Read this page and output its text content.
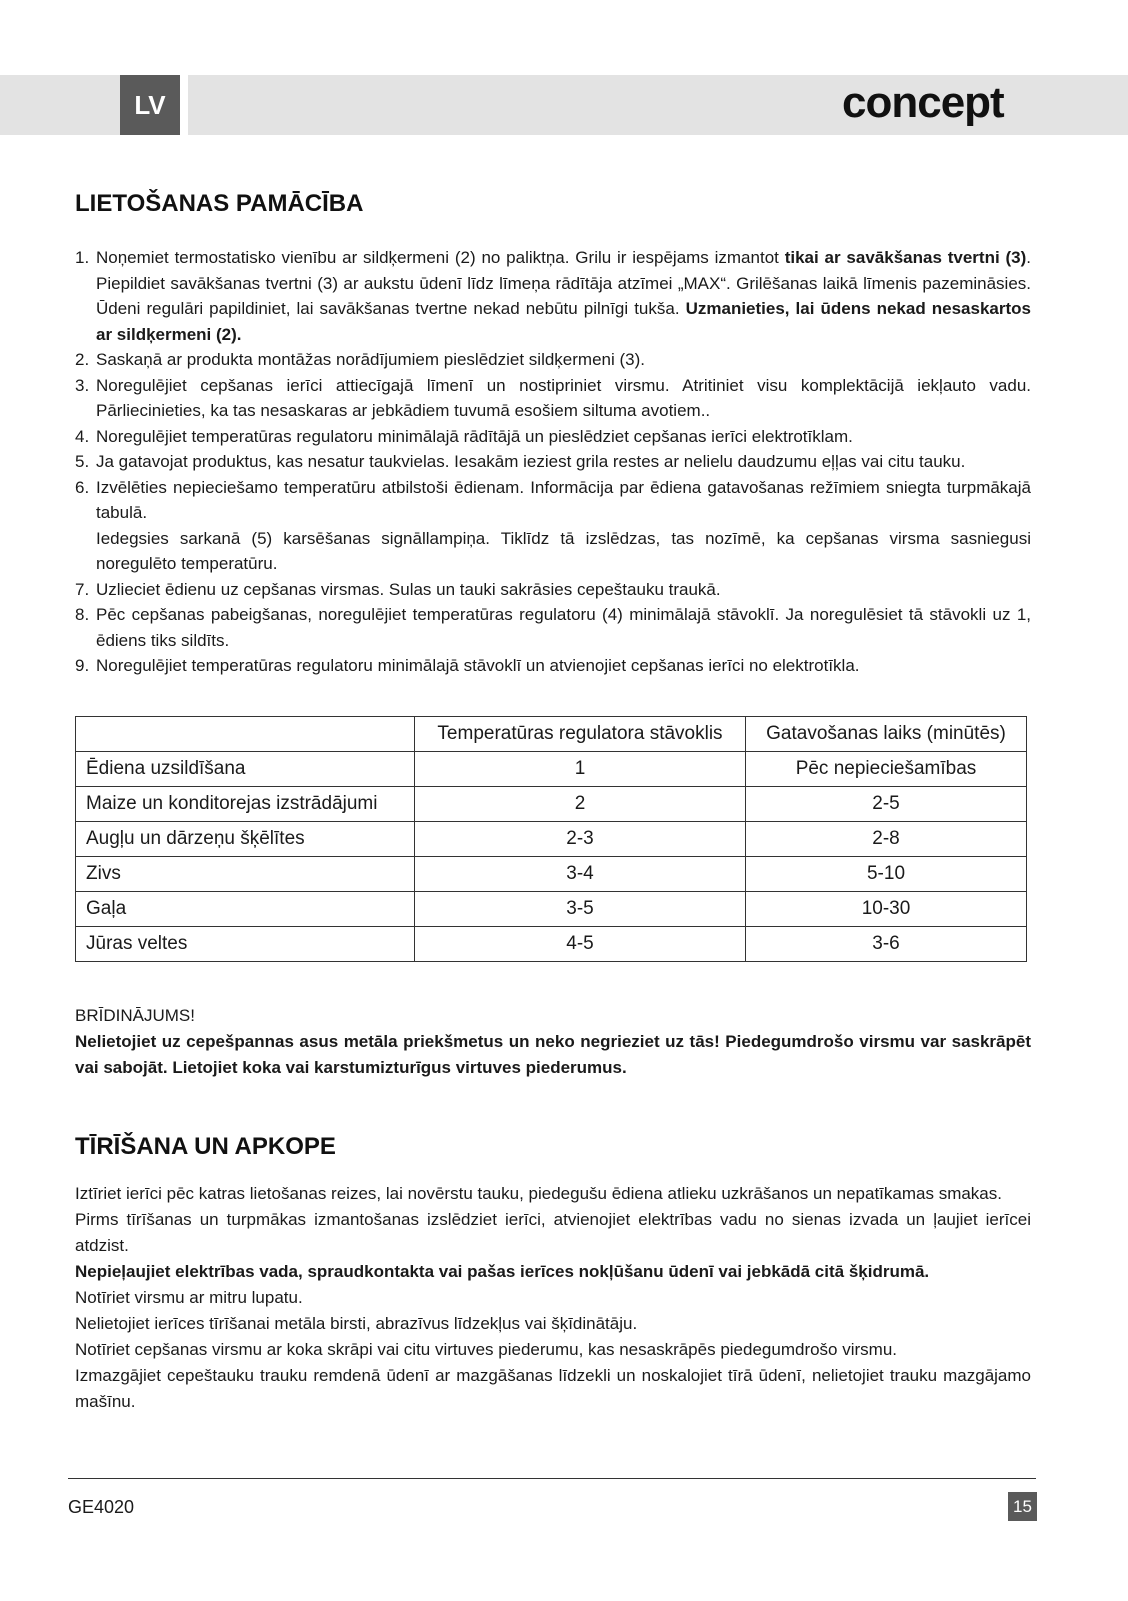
LV	concept
LIETOŠANAS PAMĀCĪBA
1. Noņemiet termostatisko vienību ar sildķermeni (2) no paliktņa. Grilu ir iespējams izmantot tikai ar savākšanas tvertni (3). Piepildiet savākšanas tvertni (3) ar aukstu ūdenī līdz līmeņa rādītāja atzīmei „MAX“. Grilēšanas laikā līmenis pazemināsies. Ūdeni regulāri papildiniet, lai savākšanas tvertne nekad nebūtu pilnīgi tukša. Uzmanieties, lai ūdens nekad nesaskartos ar sildķermeni (2).
2. Saskaņā ar produkta montāžas norādījumiem pieslēdziet sildķermeni (3).
3. Noregulējiet cepšanas ierīci attiecīgajā līmenī un nostipriniet virsmu. Atritiniet visu komplektācijā iekļauto vadu. Pārliecinieties, ka tas nesaskaras ar jebkādiem tuvumā esošiem siltuma avotiem..
4. Noregulējiet temperatūras regulatoru minimālajā rādītājā un pieslēdziet cepšanas ierīci elektrotīklam.
5. Ja gatavojat produktus, kas nesatur taukvielas. Iesakām ieziest grila restes ar nelielu daudzumu eļļas vai citu tauku.
6. Izvēlēties nepieciešamo temperatūru atbilstoši ēdienam. Informācija par ēdiena gatavošanas režīmiem sniegta turpmākajā tabulā.
Iedegsies sarkanā (5) karsēšanas signāllampiņa. Tiklīdz tā izslēdzas, tas nozīmē, ka cepšanas virsma sasniegusi noregulēto temperatūru.
7. Uzlieciet ēdienu uz cepšanas virsmas. Sulas un tauki sakrāsies cepeštauku traukā.
8. Pēc cepšanas pabeigšanas, noregulējiet temperatūras regulatoru (4) minimālajā stāvoklī. Ja noregulēsiet tā stāvokli uz 1, ēdiens tiks sildīts.
9. Noregulējiet temperatūras regulatoru minimālajā stāvoklī un atvienojiet cepšanas ierīci no elektrotīkla.
	Temperatūras regulatora stāvoklis	Gatavošanas laiks (minūtēs)
Ēdiena uzsildīšana	1	Pēc nepieciešamības
Maize un konditorejas izstrādājumi	2	2-5
Augļu un dārzeņu šķēlītes	2-3	2-8
Zivs	3-4	5-10
Gaļa	3-5	10-30
Jūras veltes	4-5	3-6
BRĪDINĀJUMS!
Nelietojiet uz cepešpannas asus metāla priekšmetus un neko negrieziet uz tās! Piedegumdrošo virsmu var saskrāpēt vai sabojāt. Lietojiet koka vai karstumizturīgus virtuves piederumus.
TĪRĪŠANA UN APKOPE

Iztīriet ierīci pēc katras lietošanas reizes, lai novērstu tauku, piedegušu ēdiena atlieku uzkrāšanos un nepatīkamas smakas.

Pirms tīrīšanas un turpmākas izmantošanas izslēdziet ierīci, atvienojiet elektrības vadu no sienas izvada un ļaujiet ierīcei atdzist.

Nepieļaujiet elektrības vada, spraudkontakta vai pašas ierīces nokļūšanu ūdenī vai jebkādā citā šķidrumā.

Notīriet virsmu ar mitru lupatu.

Nelietojiet ierīces tīrīšanai metāla birsti, abrazīvus līdzekļus vai šķīdinātāju.

Notīriet cepšanas virsmu ar koka skrāpi vai citu virtuves piederumu, kas nesaskrāpēs piedegumdrošo virsmu.

Izmazgājiet cepeštauku trauku remdenā ūdenī ar mazgāšanas līdzekli un noskalojiet tīrā ūdenī, nelietojiet trauku mazgājamo mašīnu.

GE4020	15
